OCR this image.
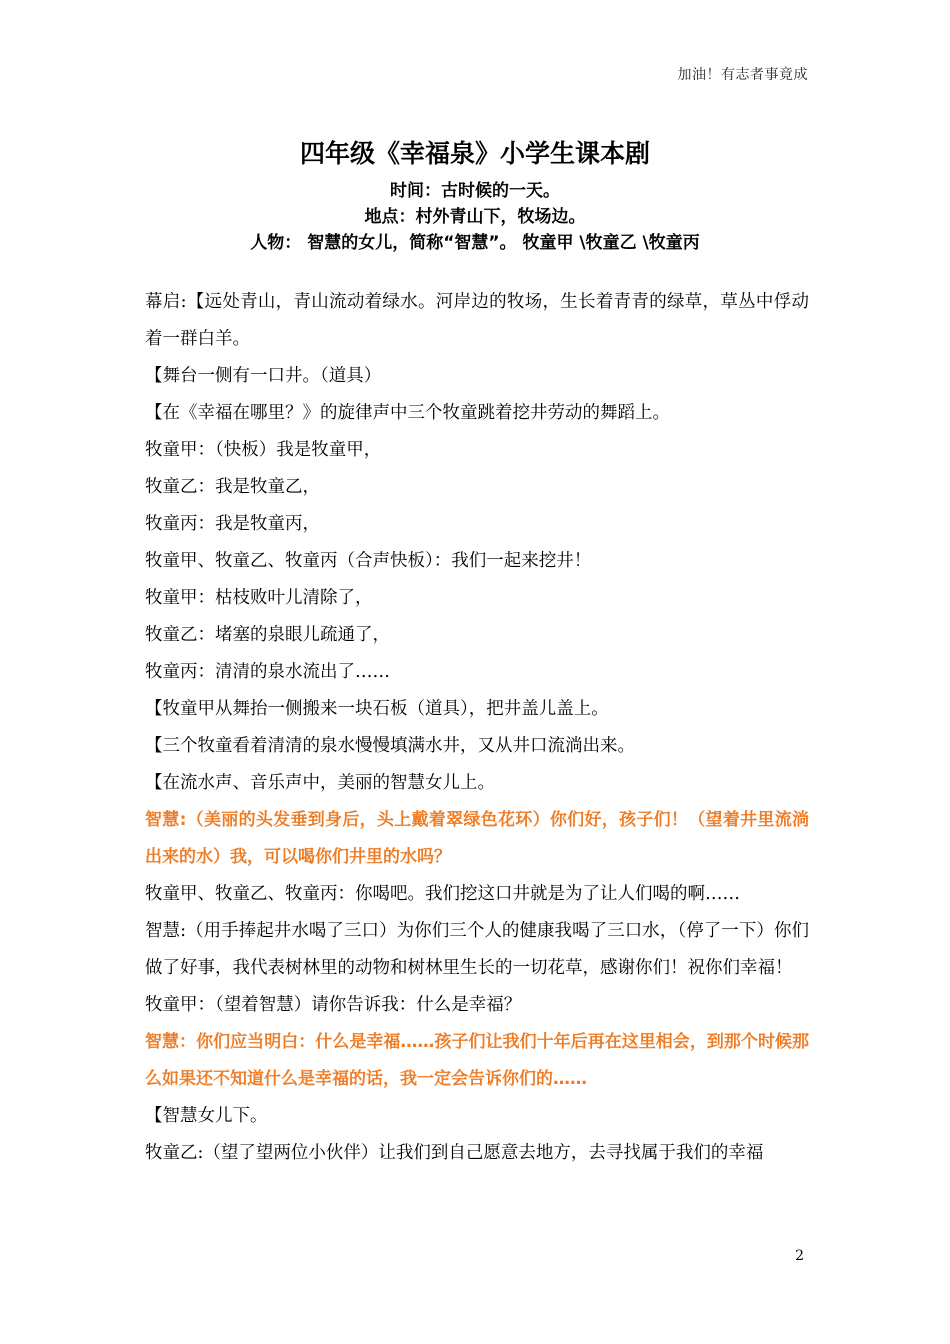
加油！有志者事竟成
四年级《幸福泉》小学生课本剧
时间：古时候的一天。
地点：村外青山下，牧场边。
人物： 智慧的女儿，简称“智慧”。 牧童甲 \牧童乙 \牧童丙

幕启:【远处青山，青山流动着绿水。河岸边的牧场，生长着青青的绿草，草丛中俘动着一群白羊。

【舞台一侧有一口井。（道具）

【在《幸福在哪里？》的旋律声中三个牧童跳着挖井劳动的舞蹈上。

牧童甲：（快板）我是牧童甲，

牧童乙：我是牧童乙，

牧童丙：我是牧童丙，

牧童甲、牧童乙、牧童丙（合声快板）：我们一起来挖井！

牧童甲：枯枝败叶儿清除了，

牧童乙：堵塞的泉眼儿疏通了，

牧童丙：清清的泉水流出了……

【牧童甲从舞抬一侧搬来一块石板（道具），把井盖儿盖上。

【三个牧童看着清清的泉水慢慢填满水井，又从井口流淌出来。

【在流水声、音乐声中，美丽的智慧女儿上。

智慧:（美丽的头发垂到身后，头上戴着翠绿色花环）你们好，孩子们！（望着井里流淌出来的水）我，可以喝你们井里的水吗？

牧童甲、牧童乙、牧童丙：你喝吧。我们挖这口井就是为了让人们喝的啊……

智慧:（用手捧起井水喝了三口）为你们三个人的健康我喝了三口水，（停了一下）你们做了好事，我代表树林里的动物和树林里生长的一切花草，感谢你们！祝你们幸福！

牧童甲：（望着智慧）请你告诉我：什么是幸福？

智慧：你们应当明白：什么是幸福……孩子们让我们十年后再在这里相会，到那个时候那么如果还不知道什么是幸福的话，我一定会告诉你们的……

【智慧女儿下。

牧童乙:（望了望两位小伙伴）让我们到自己愿意去地方，去寻找属于我们的幸福

2
